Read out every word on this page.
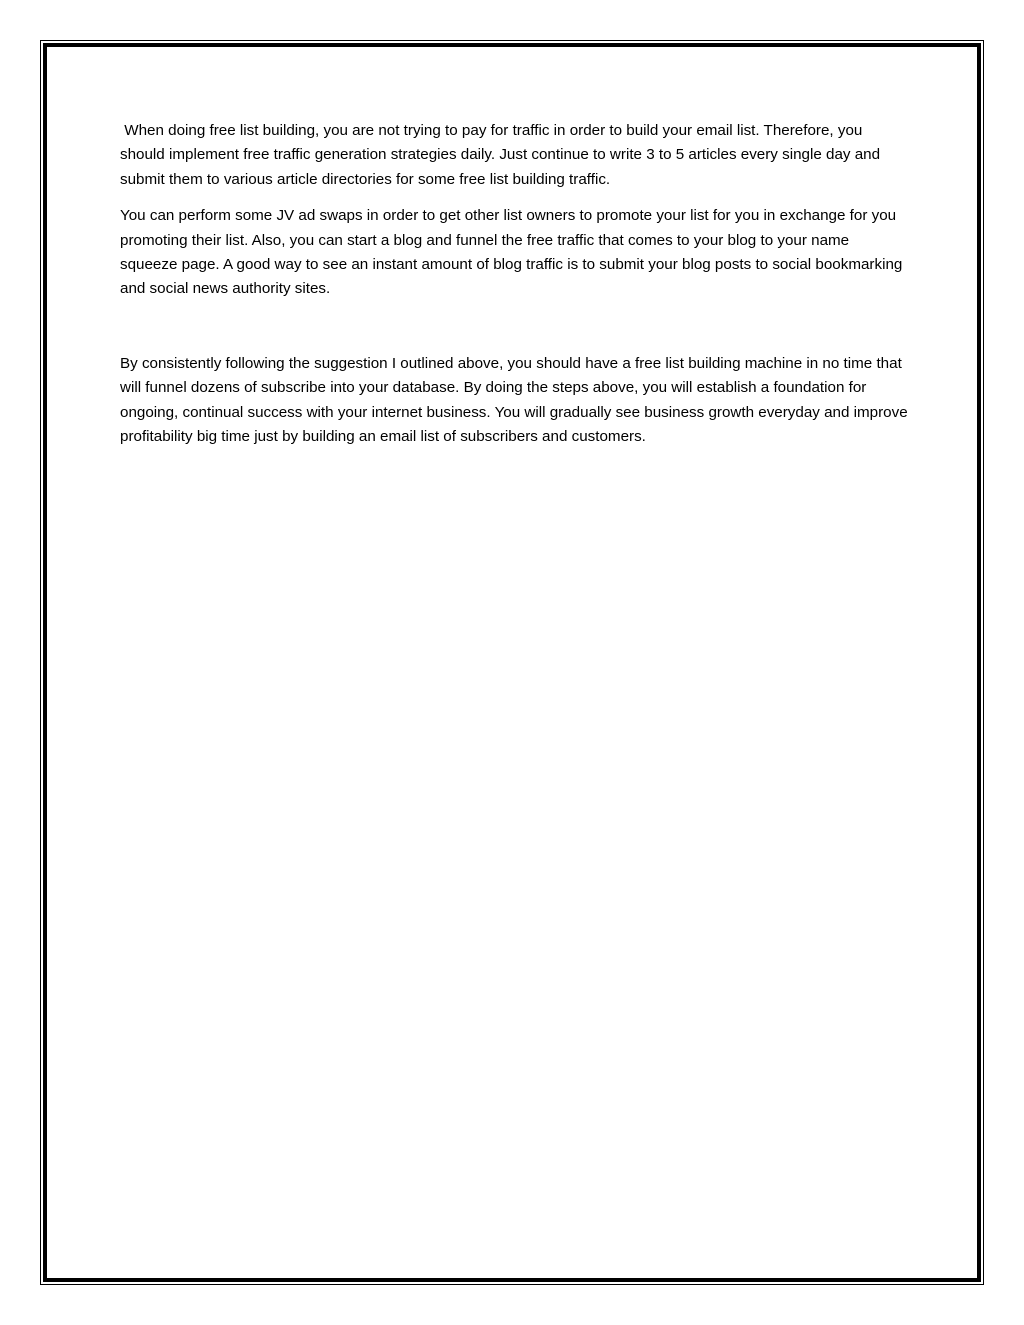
When doing free list building, you are not trying to pay for traffic in order to build your email list. Therefore, you should implement free traffic generation strategies daily. Just continue to write 3 to 5 articles every single day and submit them to various article directories for some free list building traffic.

You can perform some JV ad swaps in order to get other list owners to promote your list for you in exchange for you promoting their list. Also, you can start a blog and funnel the free traffic that comes to your blog to your name squeeze page. A good way to see an instant amount of blog traffic is to submit your blog posts to social bookmarking and social news authority sites.

By consistently following the suggestion I outlined above, you should have a free list building machine in no time that will funnel dozens of subscribe into your database. By doing the steps above, you will establish a foundation for ongoing, continual success with your internet business. You will gradually see business growth everyday and improve profitability big time just by building an email list of subscribers and customers.
